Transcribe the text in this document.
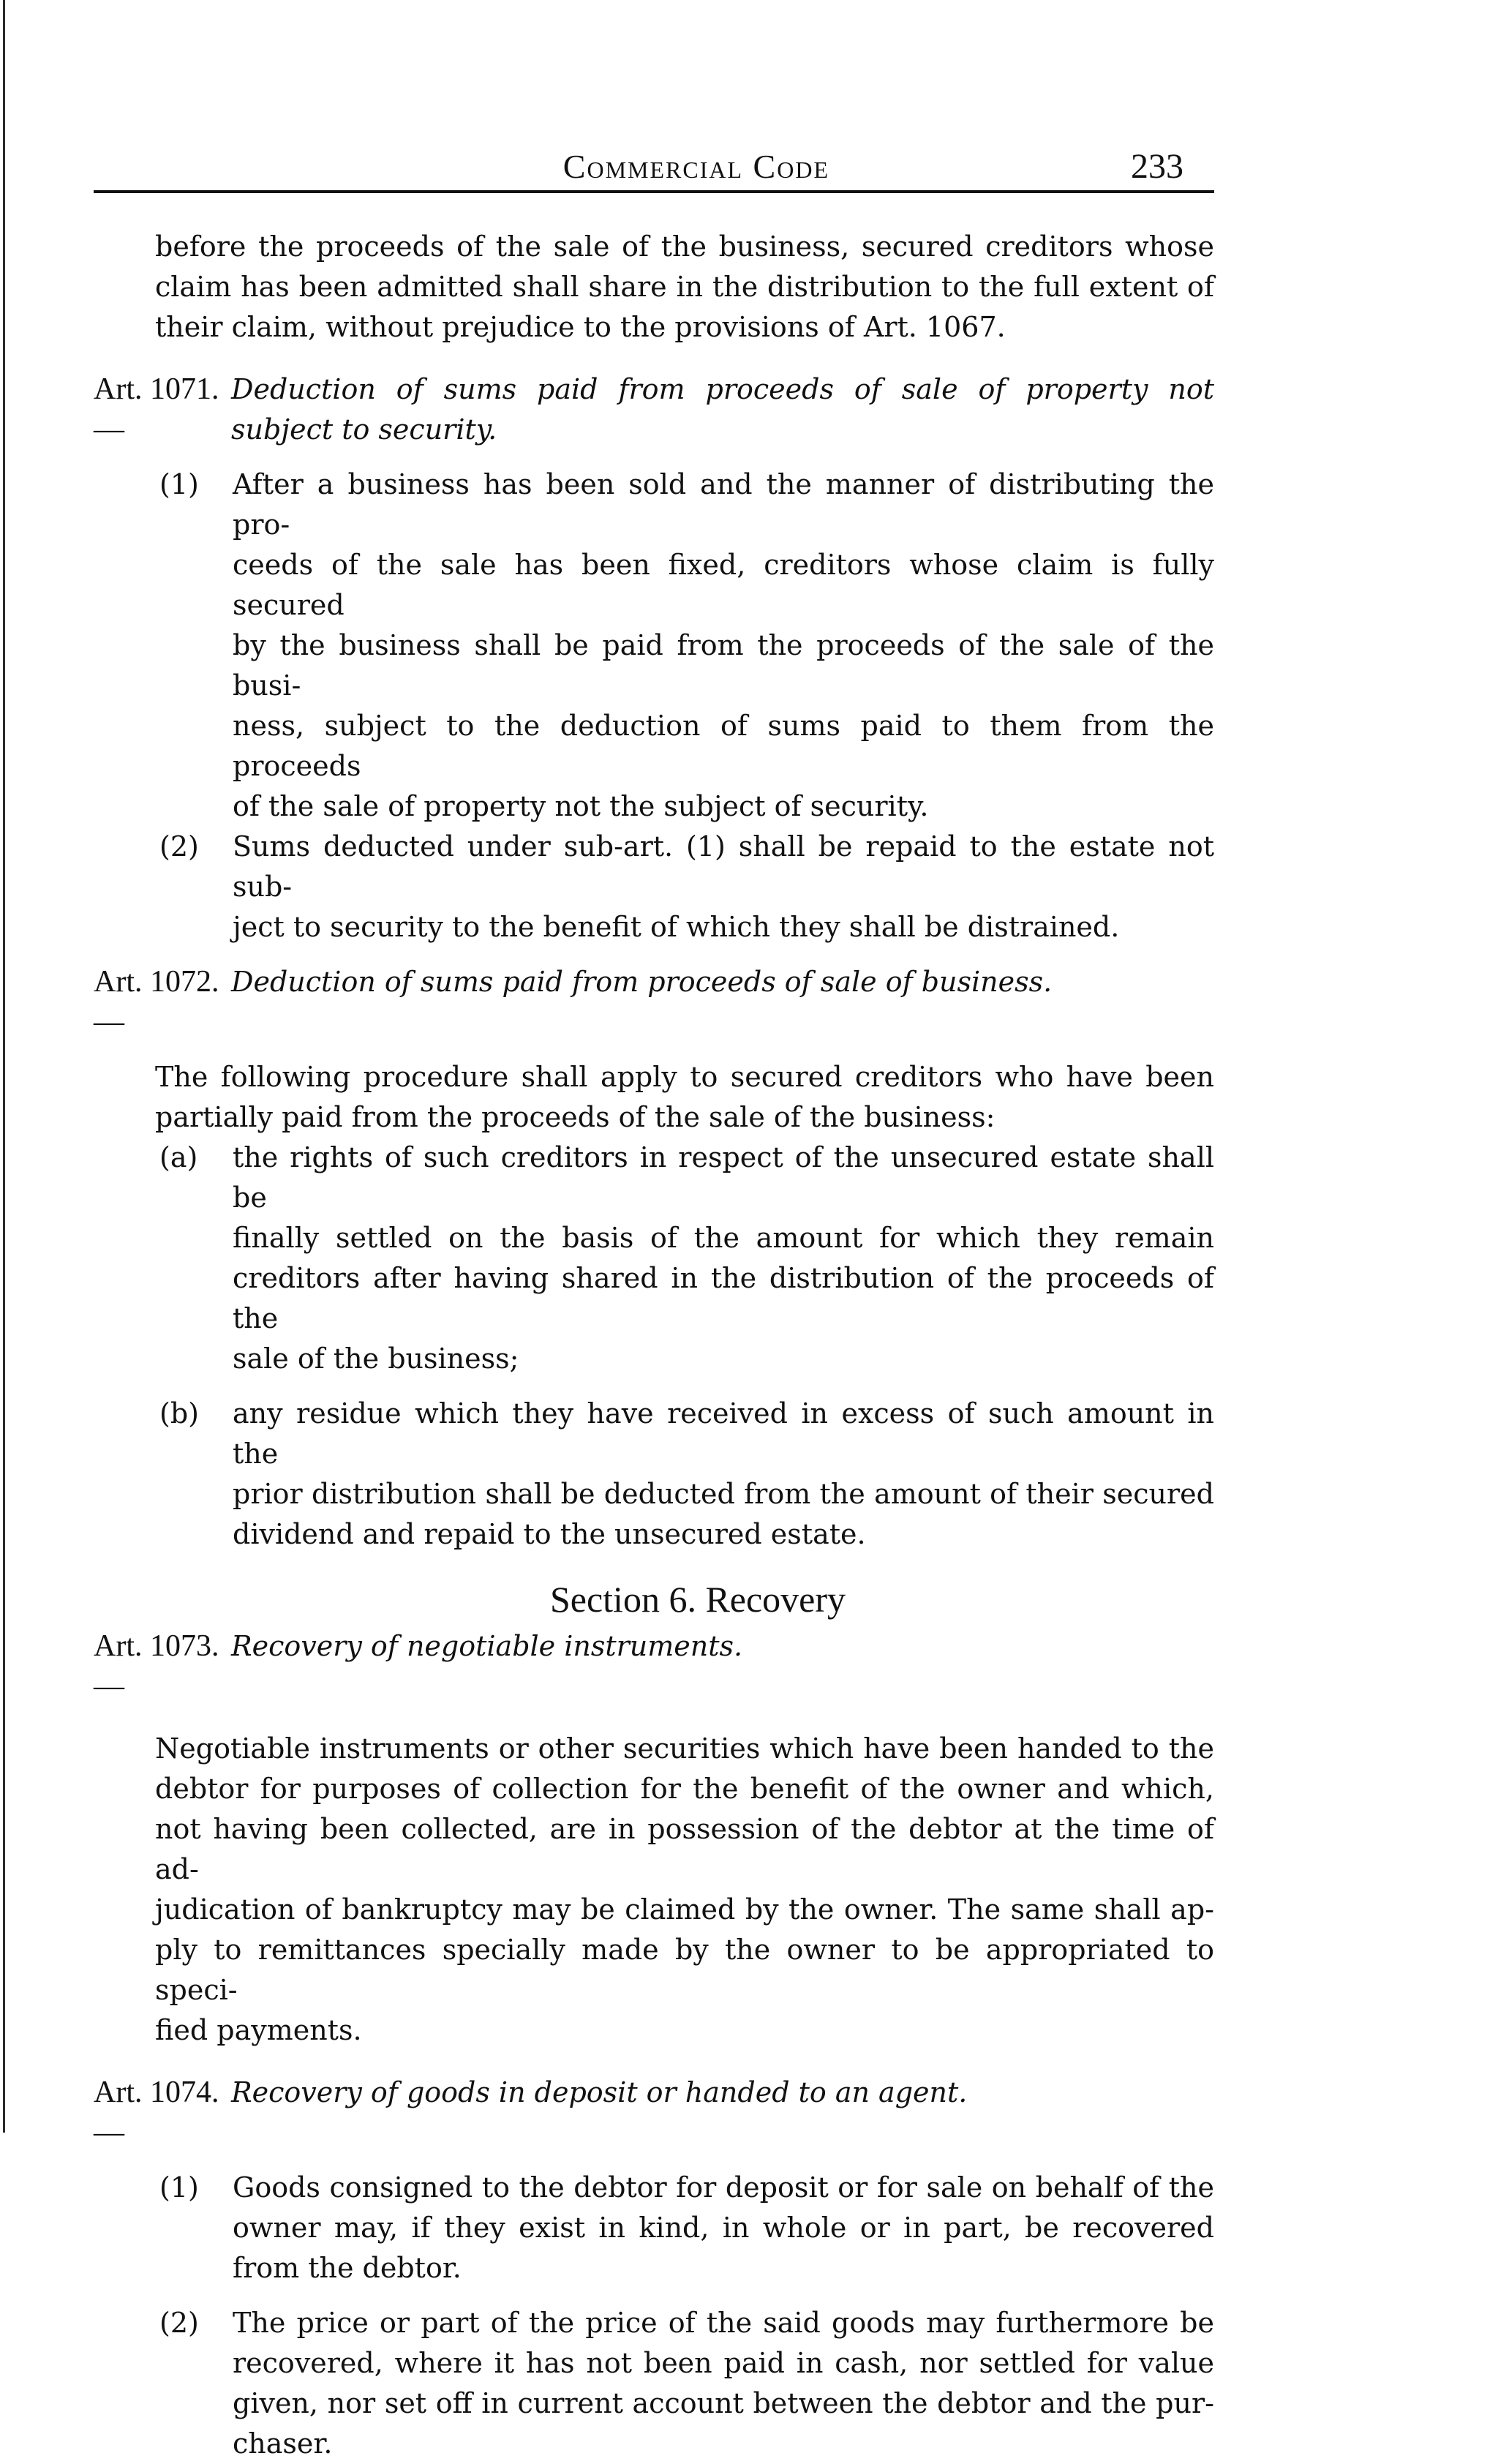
Commercial Code	233

before the proceeds of the sale of the business, secured creditors whose

claim has been admitted shall share in the distribution to the full extent of

their claim, without prejudice to the provisions of Art. 1067.

Art. 1071. —
Deduction of sums paid from proceeds of sale of property not
subject to security.
(1)	After a business has been sold and the manner of distributing the pro-

ceeds of the sale has been fixed, creditors whose claim is fully secured

by the business shall be paid from the proceeds of the sale of the busi-

ness, subject to the deduction of sums paid to them from the proceeds

of the sale of property not the subject of security.

(2)	Sums deducted under sub-art. (1) shall be repaid to the estate not sub-

ject to security to the benefit of which they shall be distrained.

Art. 1072. —
Deduction of sums paid from proceeds of sale of business.

The following procedure shall apply to secured creditors who have been

partially paid from the proceeds of the sale of the business:

(a)	the rights of such creditors in respect of the unsecured estate shall be

finally settled on the basis of the amount for which they remain

creditors after having shared in the distribution of the proceeds of the

sale of the business;

(b)	any residue which they have received in excess of such amount in the

prior distribution shall be deducted from the amount of their secured

dividend and repaid to the unsecured estate.

Section 6. Recovery
Art. 1073. —
Recovery of negotiable instruments.

Negotiable instruments or other securities which have been handed to the

debtor for purposes of collection for the benefit of the owner and which,

not having been collected, are in possession of the debtor at the time of ad-

judication of bankruptcy may be claimed by the owner. The same shall ap-

ply to remittances specially made by the owner to be appropriated to speci-

fied payments.

Art. 1074. —
Recovery of goods in deposit or handed to an agent.
(1)	Goods consigned to the debtor for deposit or for sale on behalf of the

owner may, if they exist in kind, in whole or in part, be recovered

from the debtor.

(2)	The price or part of the price of the said goods may furthermore be

recovered, where it has not been paid in cash, nor settled for value

given, nor set off in current account between the debtor and the pur-

chaser.
